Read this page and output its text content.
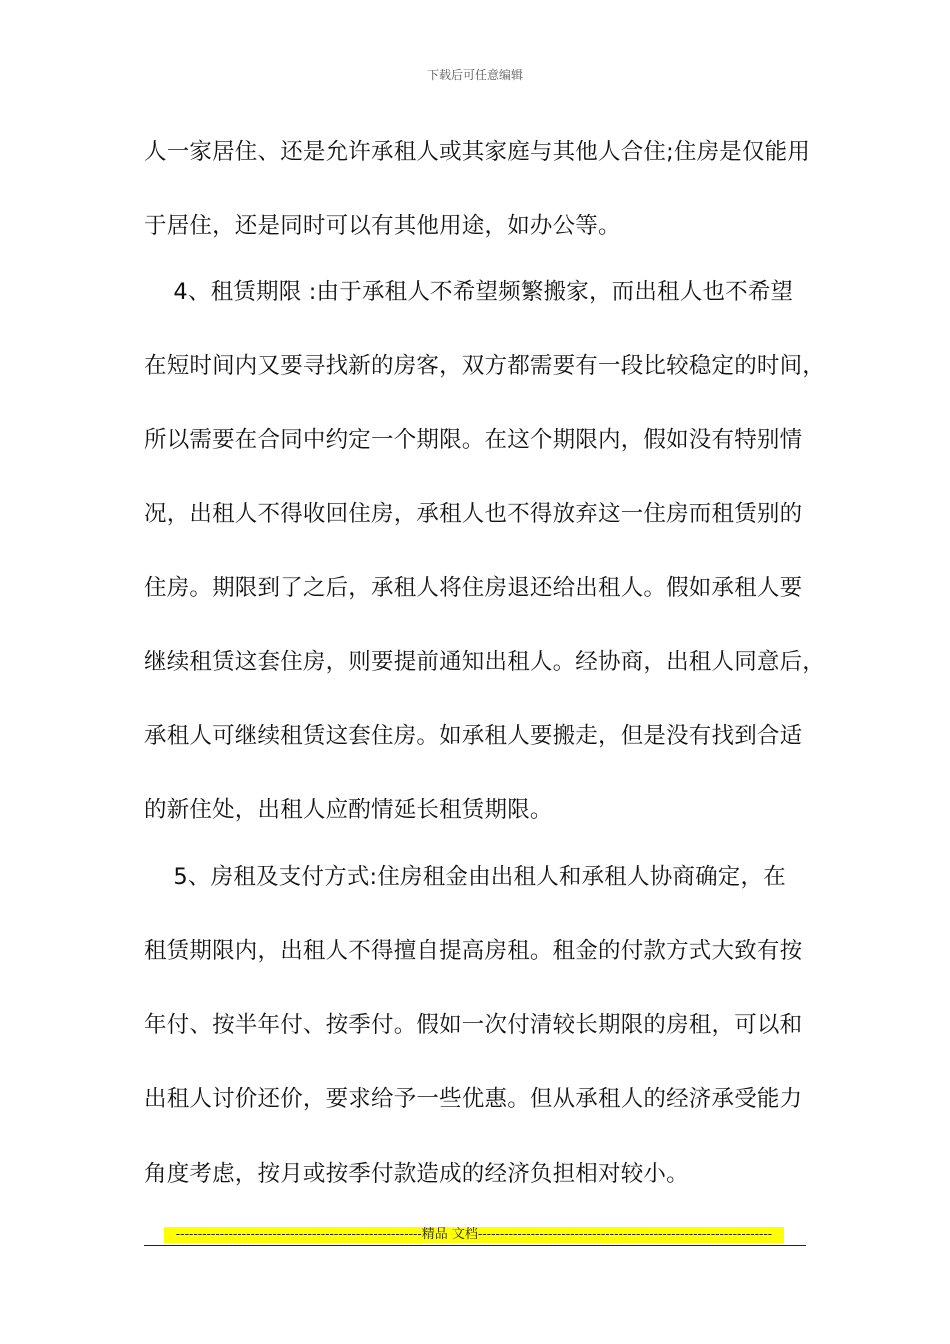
下载后可任意编辑
人一家居住、还是允许承租人或其家庭与其他人合住;住房是仅能用
于居住，还是同时可以有其他用途，如办公等。
4、租赁期限 :由于承租人不希望频繁搬家，而出租人也不希望
在短时间内又要寻找新的房客，双方都需要有一段比较稳定的时间，
所以需要在合同中约定一个期限。在这个期限内，假如没有特别情
况，出租人不得收回住房，承租人也不得放弃这一住房而租赁别的
住房。期限到了之后，承租人将住房退还给出租人。假如承租人要
继续租赁这套住房，则要提前通知出租人。经协商，出租人同意后，
承租人可继续租赁这套住房。如承租人要搬走，但是没有找到合适
的新住处，出租人应酌情延长租赁期限。
5、房租及支付方式:住房租金由出租人和承租人协商确定，在
租赁期限内，出租人不得擅自提高房租。租金的付款方式大致有按
年付、按半年付、按季付。假如一次付清较长期限的房租，可以和
出租人讨价还价，要求给予一些优惠。但从承租人的经济承受能力
角度考虑，按月或按季付款造成的经济负担相对较小。
--------------------------------------------------------精品 文档-------------------------------------------------------------------
